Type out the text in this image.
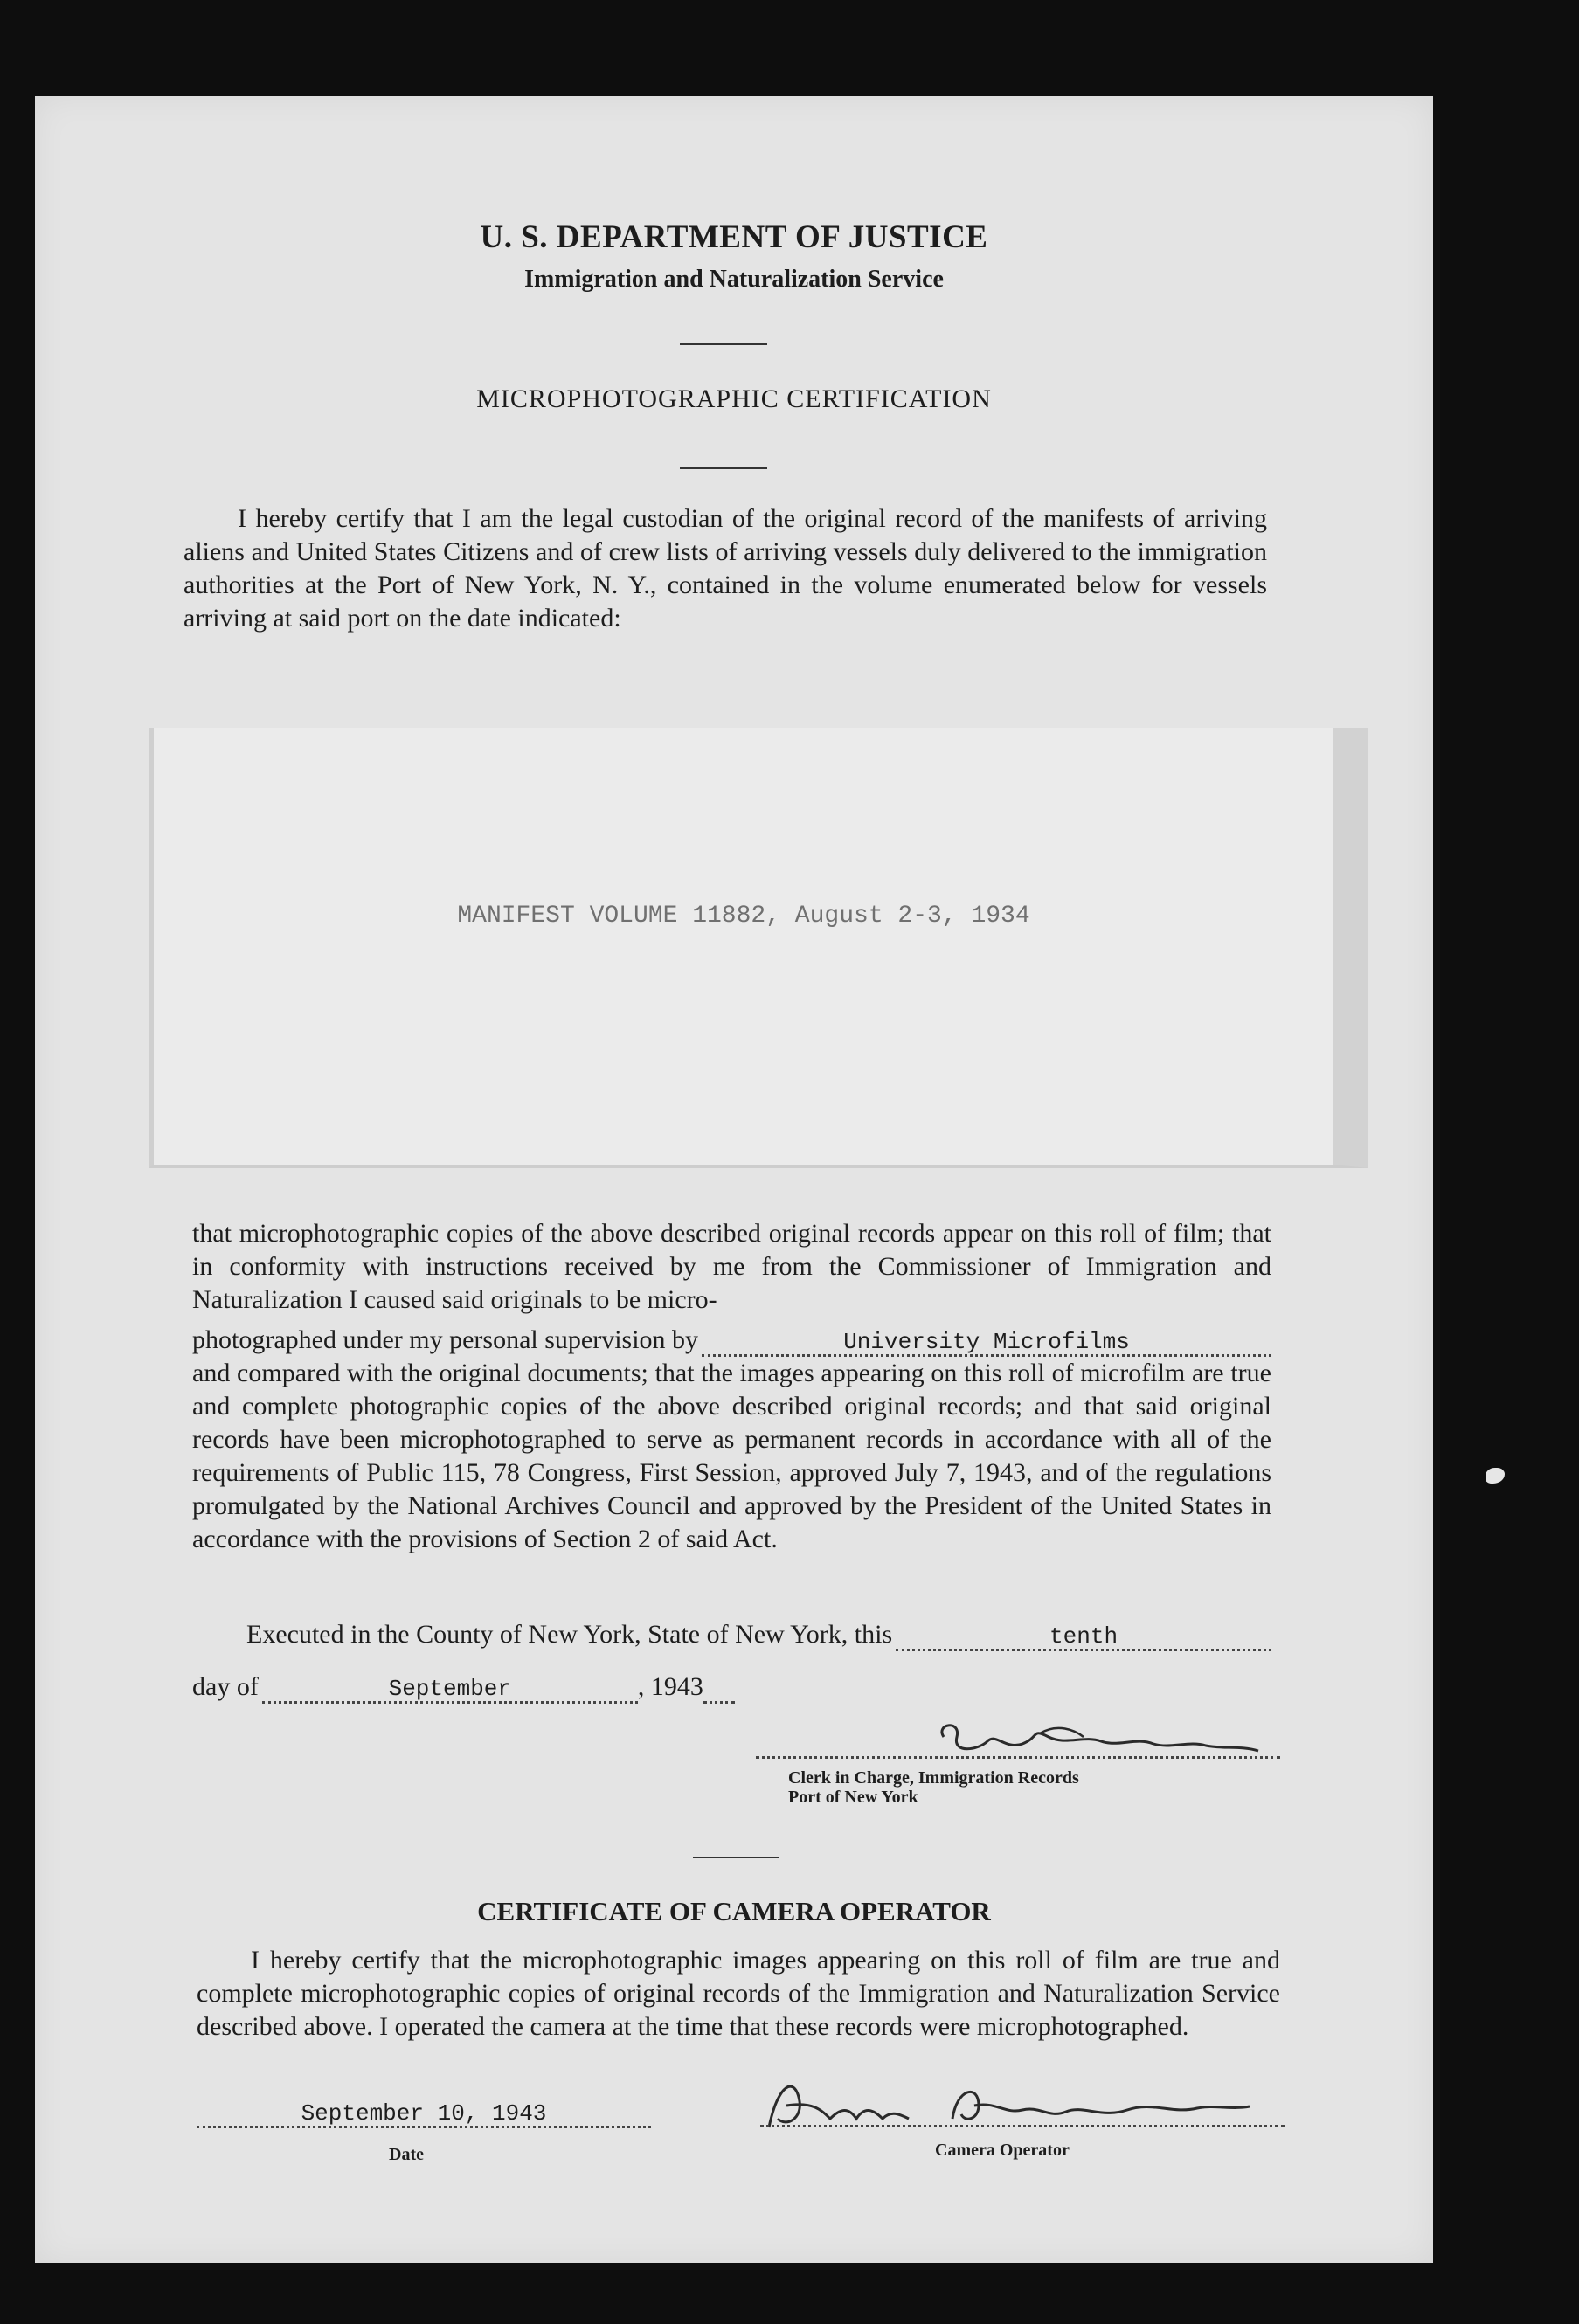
U. S. DEPARTMENT OF JUSTICE
Immigration and Naturalization Service
MICROPHOTOGRAPHIC CERTIFICATION

I hereby certify that I am the legal custodian of the original record of the manifests of arriving aliens and United States Citizens and of crew lists of arriving vessels duly delivered to the immigration authorities at the Port of New York, N. Y., contained in the volume enumerated below for vessels arriving at said port on the date indicated:

MANIFEST VOLUME 11882, August 2-3, 1934

that microphotographic copies of the above described original records appear on this roll of film; that in conformity with instructions received by me from the Commissioner of Immigration and Naturalization I caused said originals to be micro-

photographed under my personal supervision by	University Microfilms

and compared with the original documents; that the images appearing on this roll of microfilm are true and complete photographic copies of the above described original records; and that said original records have been microphotographed to serve as permanent records in accordance with all of the requirements of Public 115, 78 Congress, First Session, approved July 7, 1943, and of the regulations promulgated by the National Archives Council and approved by the President of the United States in accordance with the provisions of Section 2 of said Act.

Executed in the County of New York, State of New York, this	tenth
day of	September	, 194 3
Clerk in Charge, Immigration Records
Port of New York
CERTIFICATE OF CAMERA OPERATOR

I hereby certify that the microphotographic images appearing on this roll of film are true and complete microphotographic copies of original records of the Immigration and Naturalization Service described above. I operated the camera at the time that these records were microphotographed.

September 10, 1943
Date	Camera Operator
